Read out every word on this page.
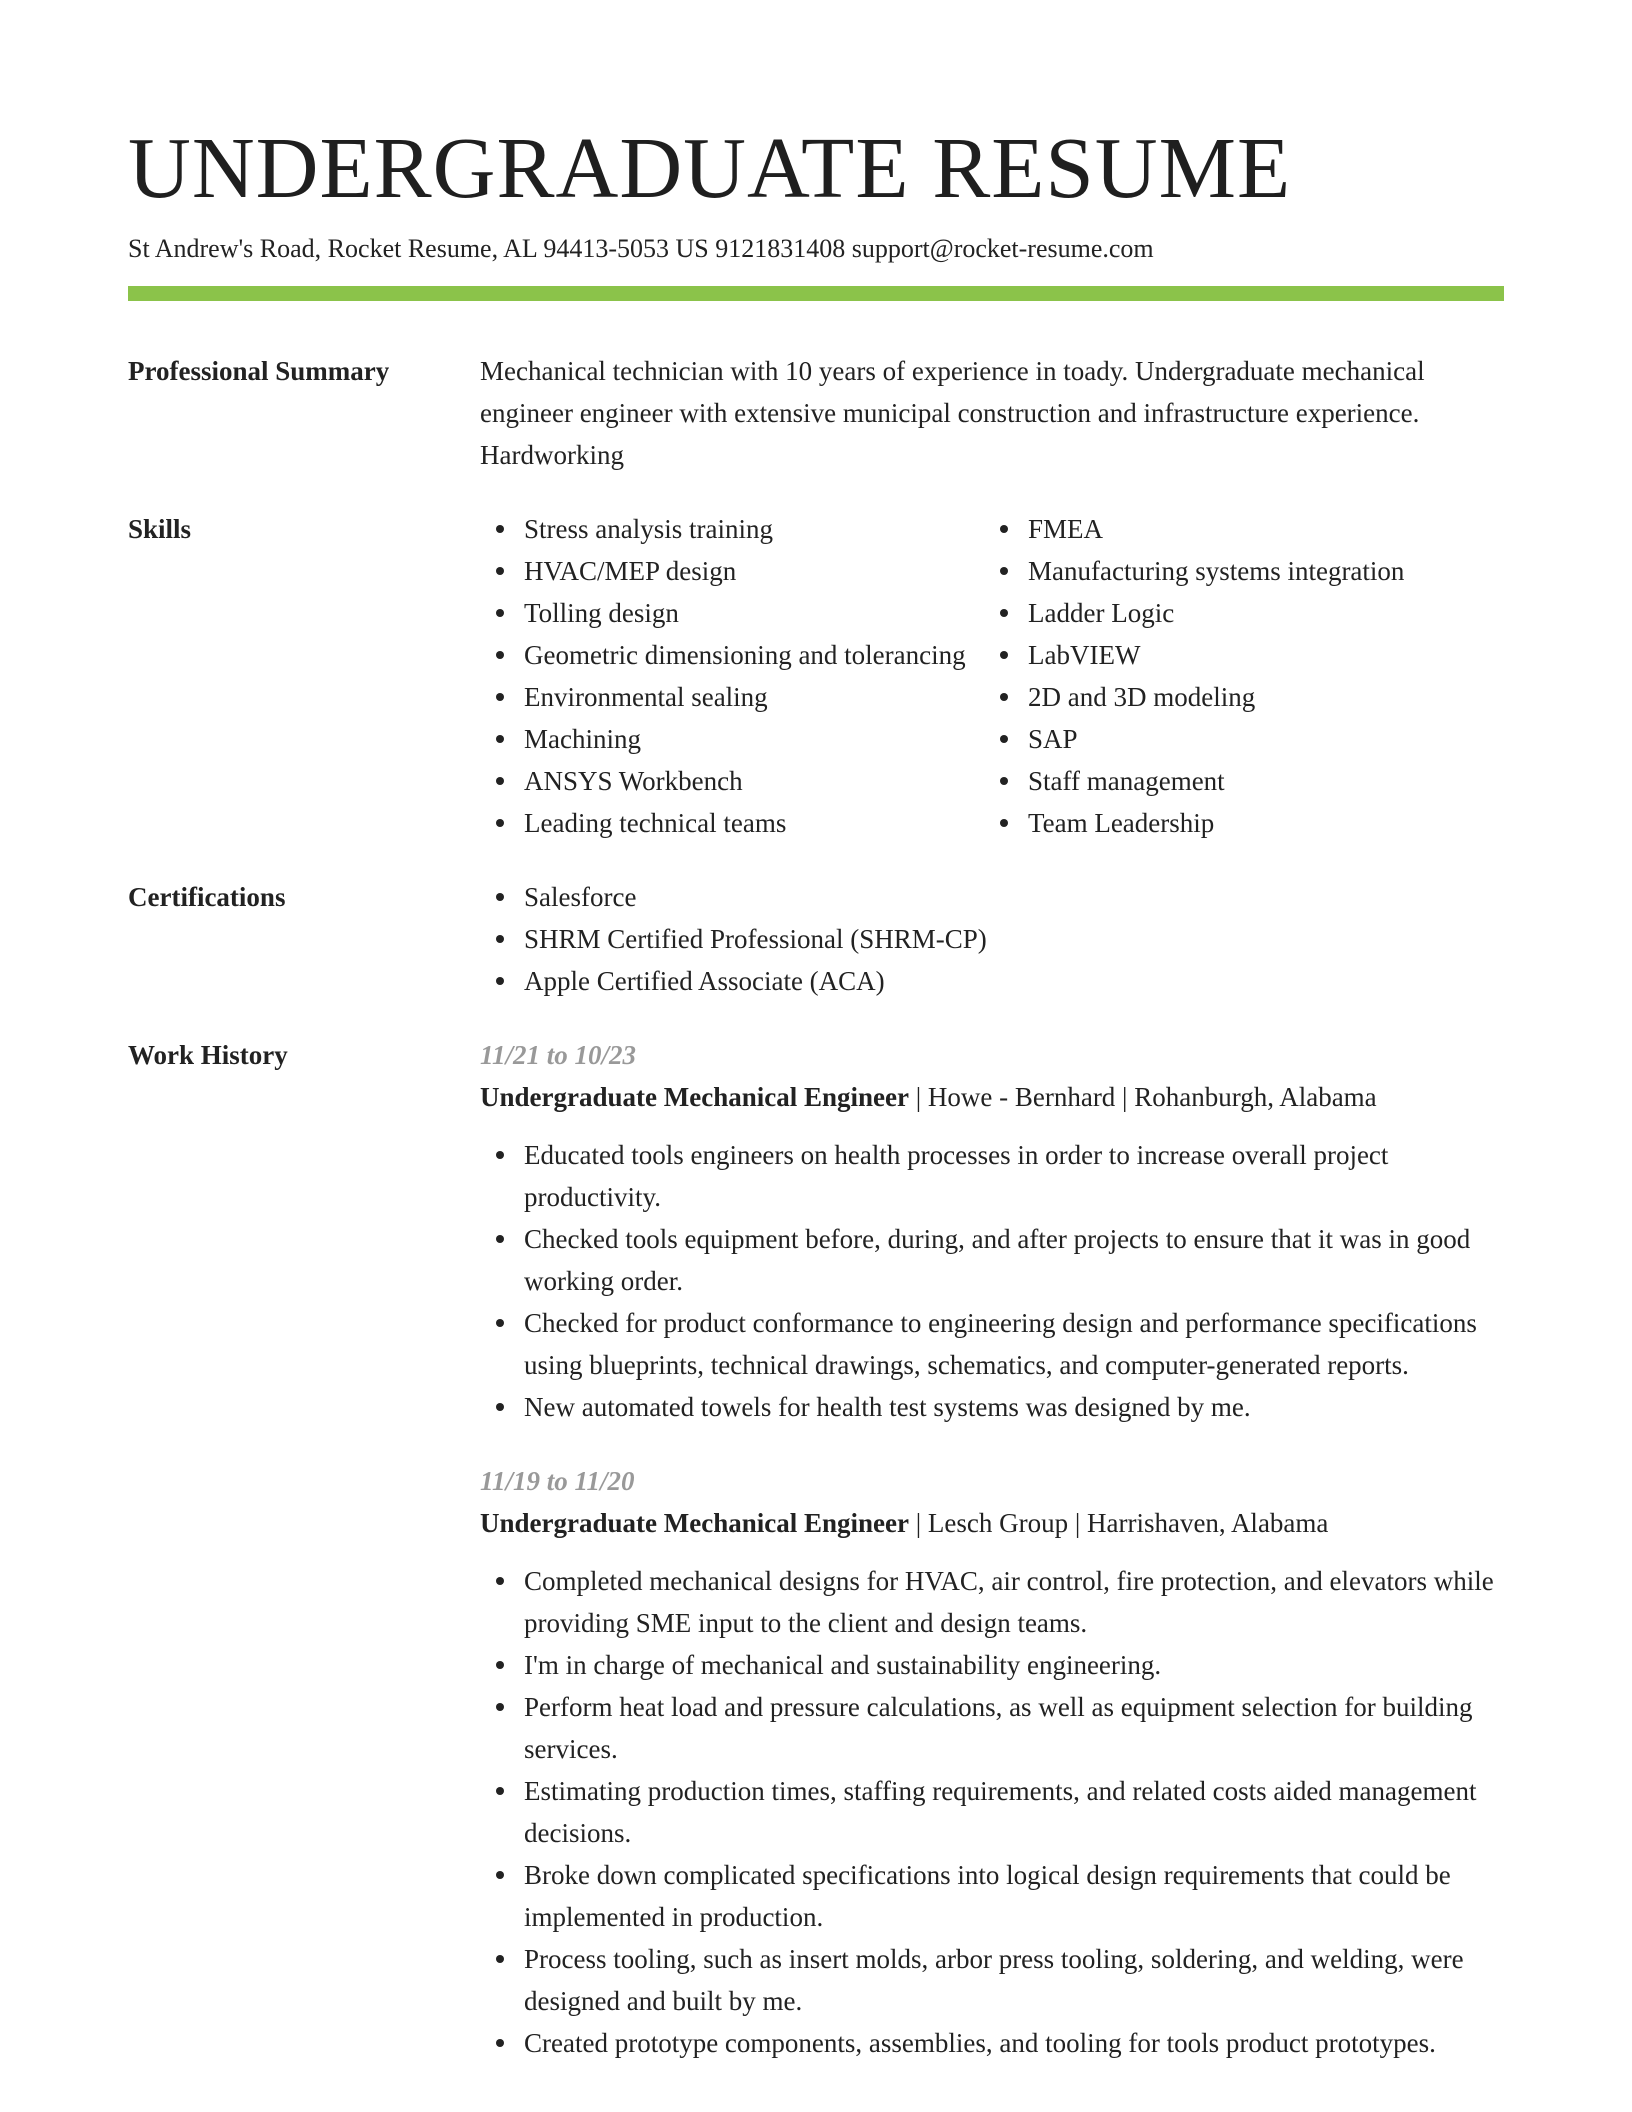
UNDERGRADUATE RESUME
St Andrew's Road, Rocket Resume, AL 94413-5053 US 9121831408 support@rocket-resume.com
Professional Summary	Mechanical technician with 10 years of experience in toady. Undergraduate mechanical engineer engineer with extensive municipal construction and infrastructure experience. Hardworking
Skills	Stress analysis training
HVAC/MEP design
Tolling design
Geometric dimensioning and tolerancing
Environmental sealing
Machining
ANSYS Workbench
Leading technical teams
FMEA
Manufacturing systems integration
Ladder Logic
LabVIEW
2D and 3D modeling
SAP
Staff management
Team Leadership
Certifications	Salesforce
SHRM Certified Professional (SHRM-CP)
Apple Certified Associate (ACA)
Work History	11/21 to 10/23
Undergraduate Mechanical Engineer | Howe - Bernhard | Rohanburgh, Alabama
Educated tools engineers on health processes in order to increase overall project productivity.
Checked tools equipment before, during, and after projects to ensure that it was in good working order.
Checked for product conformance to engineering design and performance specifications using blueprints, technical drawings, schematics, and computer-generated reports.
New automated towels for health test systems was designed by me.
11/19 to 11/20
Undergraduate Mechanical Engineer | Lesch Group | Harrishaven, Alabama
Completed mechanical designs for HVAC, air control, fire protection, and elevators while providing SME input to the client and design teams.
I'm in charge of mechanical and sustainability engineering.
Perform heat load and pressure calculations, as well as equipment selection for building services.
Estimating production times, staffing requirements, and related costs aided management decisions.
Broke down complicated specifications into logical design requirements that could be implemented in production.
Process tooling, such as insert molds, arbor press tooling, soldering, and welding, were designed and built by me.
Created prototype components, assemblies, and tooling for tools product prototypes.
